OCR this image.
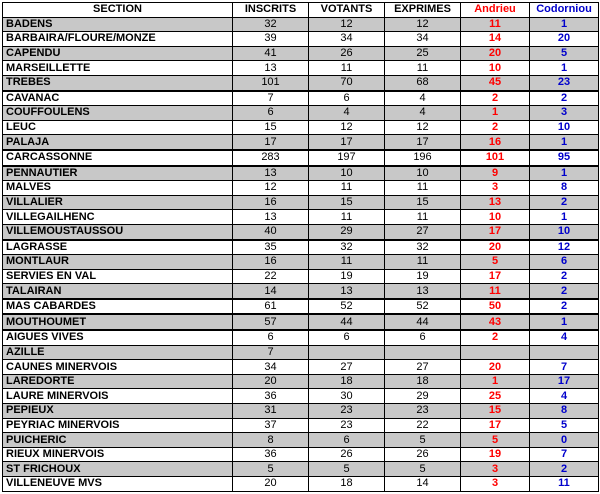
SECTION	INSCRITS	VOTANTS	EXPRIMES	Andrieu	Codorniou
BADENS	32	12	12	11	1
BARBAIRA/FLOURE/MONZE	39	34	34	14	20
CAPENDU	41	26	25	20	5
MARSEILLETTE	13	11	11	10	1
TREBES	101	70	68	45	23
CAVANAC	7	6	4	2	2
COUFFOULENS	6	4	4	1	3
LEUC	15	12	12	2	10
PALAJA	17	17	17	16	1
CARCASSONNE	283	197	196	101	95
PENNAUTIER	13	10	10	9	1
MALVES	12	11	11	3	8
VILLALIER	16	15	15	13	2
VILLEGAILHENC	13	11	11	10	1
VILLEMOUSTAUSSOU	40	29	27	17	10
LAGRASSE	35	32	32	20	12
MONTLAUR	16	11	11	5	6
SERVIES EN VAL	22	19	19	17	2
TALAIRAN	14	13	13	11	2
MAS CABARDES	61	52	52	50	2
MOUTHOUMET	57	44	44	43	1
AIGUES VIVES	6	6	6	2	4
AZILLE	7				
CAUNES MINERVOIS	34	27	27	20	7
LAREDORTE	20	18	18	1	17
LAURE MINERVOIS	36	30	29	25	4
PEPIEUX	31	23	23	15	8
PEYRIAC MINERVOIS	37	23	22	17	5
PUICHERIC	8	6	5	5	0
RIEUX MINERVOIS	36	26	26	19	7
ST FRICHOUX	5	5	5	3	2
VILLENEUVE MVS	20	18	14	3	11
